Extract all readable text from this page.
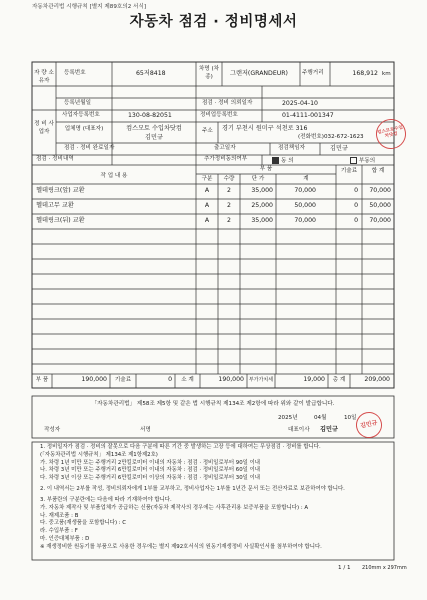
자동차관리법 시행규칙 [별지 제89호의2 서식]
자동차 점검 · 정비명세서
자 량 소유자
등록번호	65저8418
차명 (차종)	그랜저(GRANDEUR)	주행거리	168,912 km
등록년월일	점검 · 정비 의뢰일자	2025-04-10
정 비 사업자
사업자등록번호	130-08-82051	정비업등록번호	01-4111-001347
업체명 (대표자)	컴스모토 수입차닷컴
김민규
주소 경기 부천시 원미구 석천로 316
(전화번호)032-672-1623
컴스모토수입차닷컴
점검 · 정비 완료일자	출고일자	점검책임자	김민규
점검 · 정비내역	추가정비동의여부	동 의	부동의
작 업 내 용
부 품
구분	수량	단 가	계
기술료	합 계
헬데링크(앞) 교환	A	2	35,000	70,000	0	70,000
헬데고무 교환	A	2	25,000	50,000	0	50,000
헬데링크(뒤) 교환	A	2	35,000	70,000	0	70,000
부 품	190,000	기술료	0	소 계	190,000 부가가치세	19,000	총 계	209,000
「자동차관리법」 제58조 제5항 및 같은 법 시행규칙 제134조 제2항에 따라 위와 같이 발급합니다.
2025년	04월	10일
작성자	서명	대표이사 김민규	김민규
1. 정비일자가 점검 · 정비의 잘못으로 다음 구분에 따른 기간 중 발생하는 고장 등에 대하여는 무상점검 · 정비를 합니다.
(「자동차관리법 시행규칙」 제134조 제1항제2호)
가. 차령 1년 미만 또는 주행거리 2만킬로미터 이내의 자동차 : 점검 · 정비일로부터 90일 이내
나. 차령 3년 미만 또는 주행거리 6만킬로미터 이내의 자동차 : 점검 · 정비일로부터 60일 이내
다. 차령 3년 이상 또는 주행거리 6만킬로미터 이상의 자동차 : 점검 · 정비일로부터 30일 이내
2. 이 내역서는 2부를 작성, 정비의뢰자에게 1부를 교부하고, 정비사업자는 1부를 1년간 문서 또는 전산자료로 보관하여야 합니다.
3. 부품란의 구분란에는 다음에 따라 기재하여야 합니다.
가. 자동차 제작사 및 부품업체가 공급하는 신품(자동차 제작사의 경우에는 사후관리용 보증부품을 포함합니다) : A
나. 재제조품 : B
다. 중고품(재생품을 포함합니다) : C
라. 수입부품 : F
마. 인증대체부품 : D
※ 재생정비한 원동기를 부품으로 사용한 경우에는 별지 제92호서식의 원동기재생정비 사실확인서를 첨부하여야 합니다.
1 / 1 210mm x 297mm
